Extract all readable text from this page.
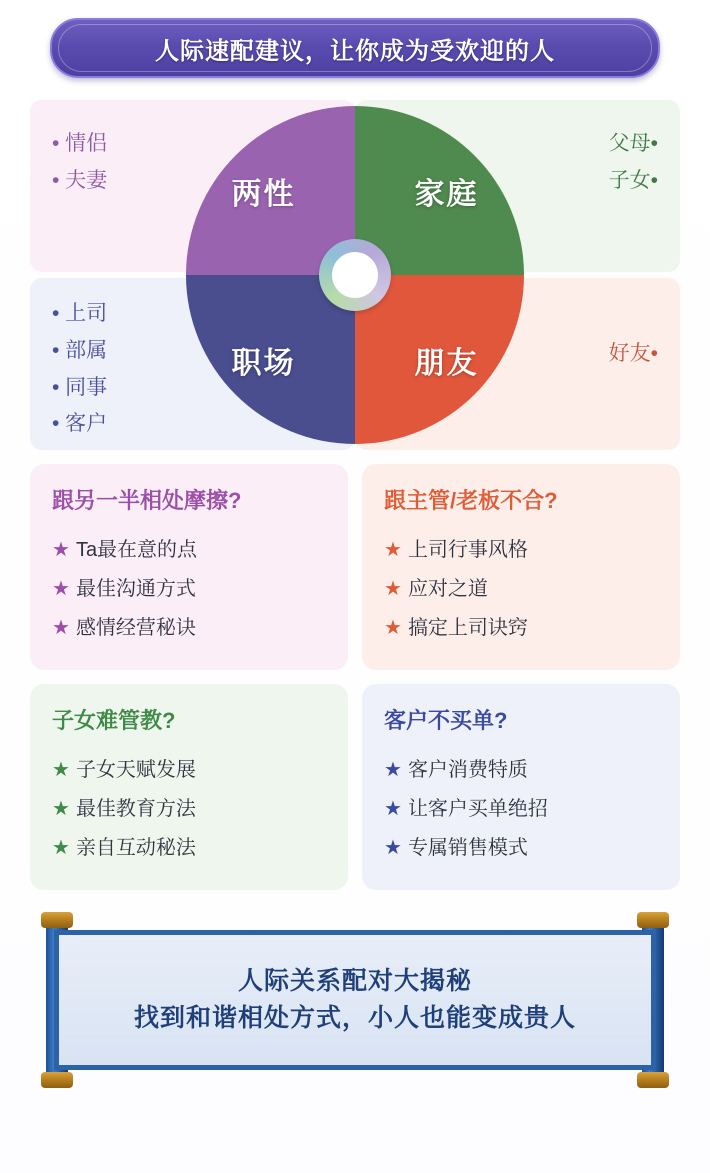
人际速配建议，让你成为受欢迎的人
• 情侣
• 夫妻
父母•
子女•
• 上司
• 部属
• 同事
• 客户
好友•
两性	家庭
职场	朋友
跟另一半相处摩擦?
★ Ta最在意的点
★ 最佳沟通方式
★ 感情经营秘诀
跟主管/老板不合?
★ 上司行事风格
★ 应对之道
★ 搞定上司诀窍
子女难管教?
★ 子女天赋发展
★ 最佳教育方法
★ 亲自互动秘法
客户不买单?
★ 客户消费特质
★ 让客户买单绝招
★ 专属销售模式
人际关系配对大揭秘
找到和谐相处方式，小人也能变成贵人
